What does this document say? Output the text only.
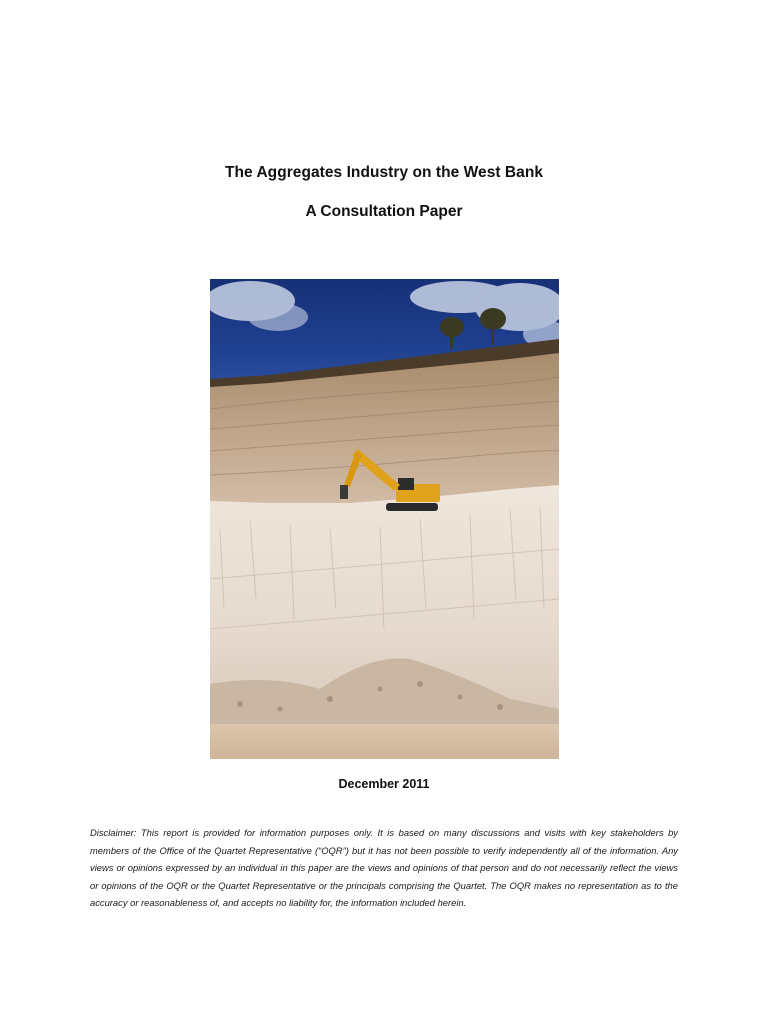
The Aggregates Industry on the West Bank
A Consultation Paper
December 2011
Disclaimer: This report is provided for information purposes only. It is based on many discussions and visits with key stakeholders by members of the Office of the Quartet Representative (“OQR”) but it has not been possible to verify independently all of the information. Any views or opinions expressed by an individual in this paper are the views and opinions of that person and do not necessarily reflect the views or opinions of the OQR or the Quartet Representative or the principals comprising the Quartet. The OQR makes no representation as to the accuracy or reasonableness of, and accepts no liability for, the information included herein.
